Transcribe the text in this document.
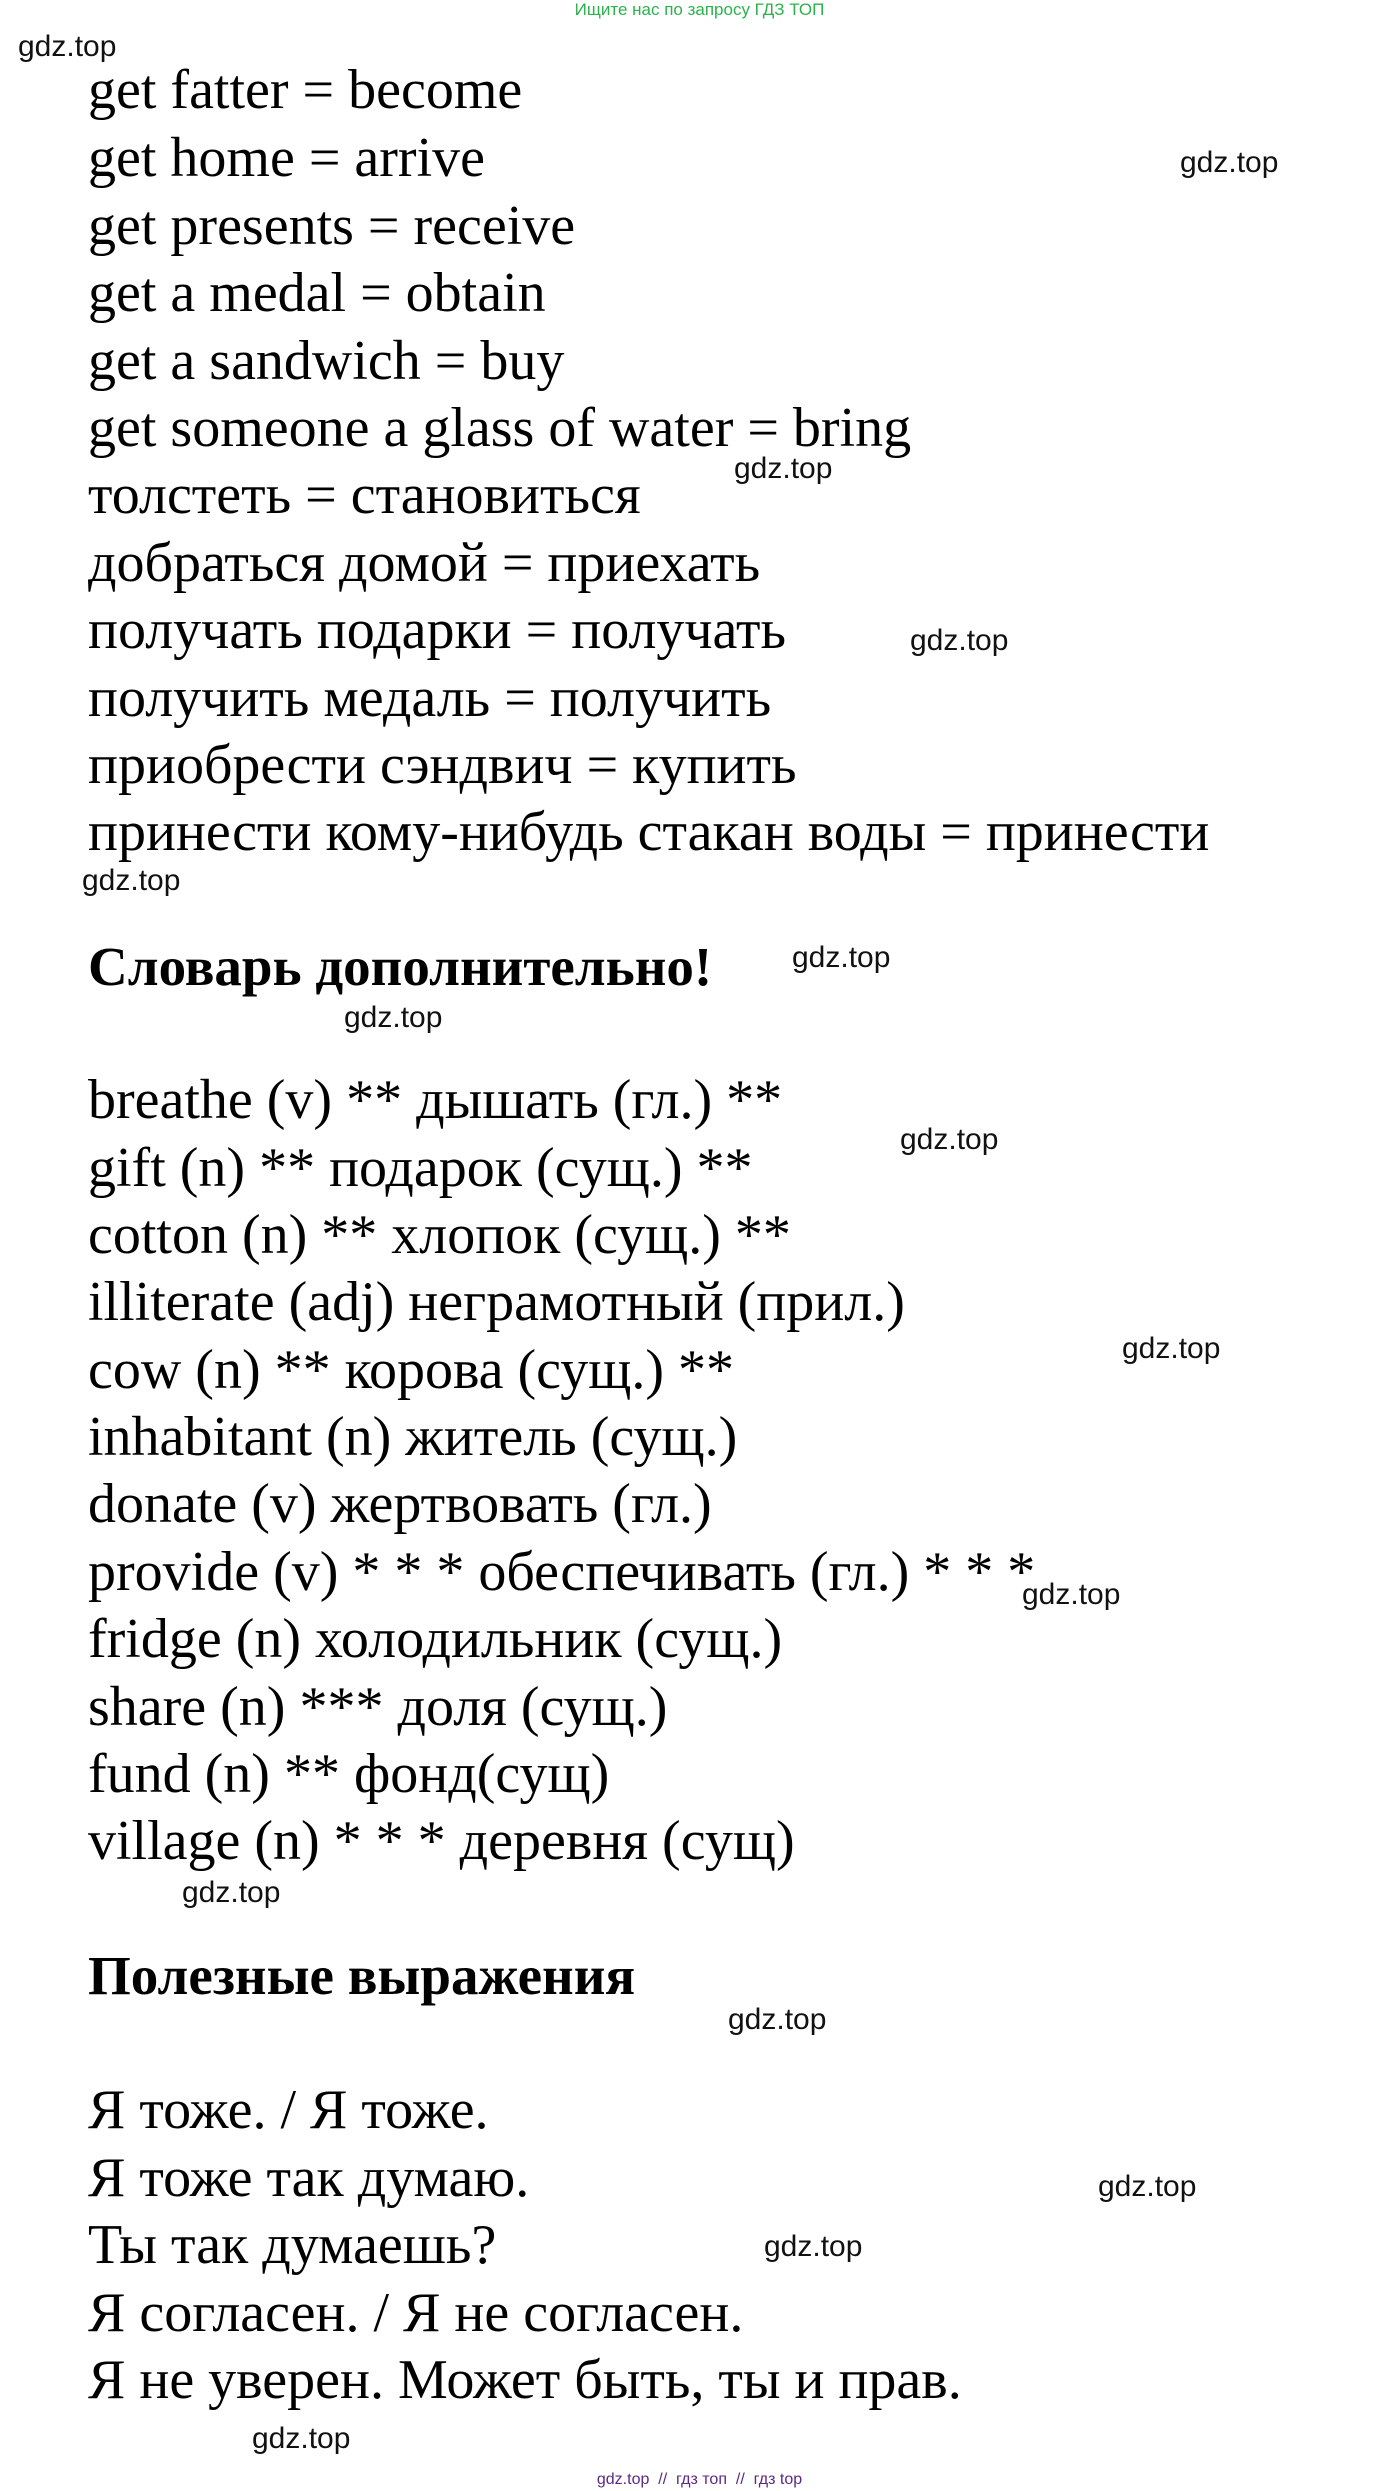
Ищите нас по запросу ГДЗ ТОП
get fatter = become
get home = arrive
get presents = receive
get a medal = obtain
get a sandwich = buy
get someone a glass of water = bring
толстеть = становиться
добраться домой = приехать
получать подарки = получать
получить медаль = получить
приобрести сэндвич = купить
принести кому-нибудь стакан воды = принести
Словарь дополнительно!
breathe (v) ** дышать (гл.) **
gift (n) ** подарок (сущ.) **
cotton (n) ** хлопок (сущ.) **
illiterate (adj) неграмотный (прил.)
cow (n) ** корова (сущ.) **
inhabitant (n) житель (сущ.)
donate (v) жертвовать (гл.)
provide (v) * * * обеспечивать (гл.) * * *
fridge (n) холодильник (сущ.)
share (n) *** доля (сущ.)
fund (n) ** фонд(сущ)
village (n) * * * деревня (сущ)
Полезные выражения
Я тоже. / Я тоже.
Я тоже так думаю.
Ты так думаешь?
Я согласен. / Я не согласен.
Я не уверен. Может быть, ты и прав.
gdz.top
gdz.top
gdz.top
gdz.top
gdz.top
gdz.top
gdz.top
gdz.top
gdz.top
gdz.top
gdz.top
gdz.top
gdz.top
gdz.top
gdz.top
gdz.top  //  гдз топ  //  гдз top
